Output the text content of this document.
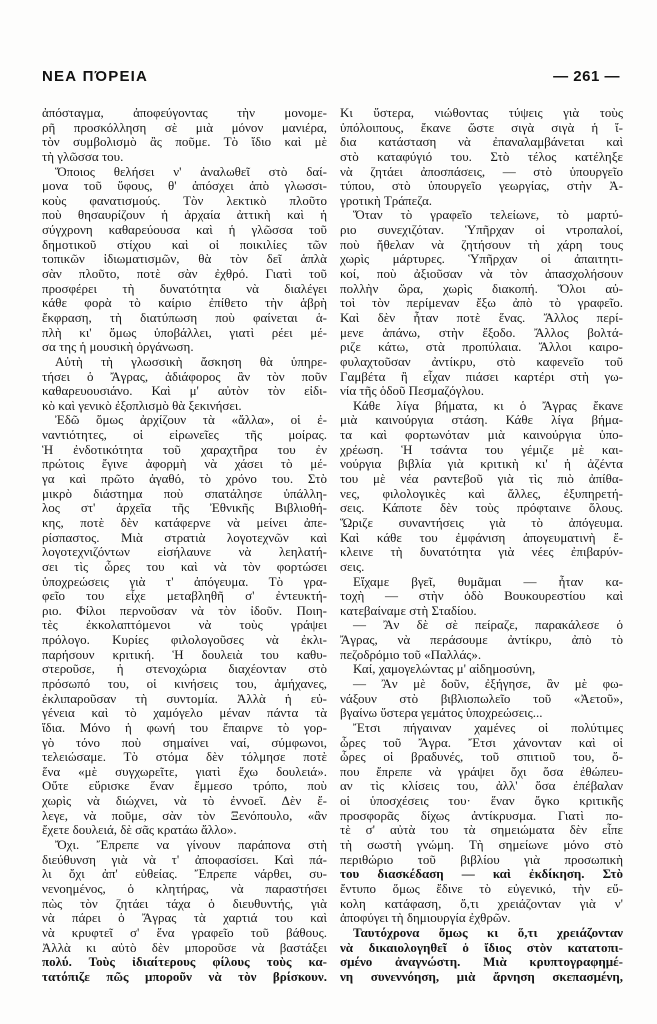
ΝΕΑ ΠΌΡΕΙΑ	— 261 —
ἀπόσταγμα, ἀποφεύγοντας τὴν μονομε-
ρῆ προσκόλληση σὲ μιὰ μόνον μανιέρα,
τὸν συμβολισμὸ ἂς ποῦμε. Τὸ ἴδιο καὶ μὲ
τὴ γλῶσσα του.
Ὅποιος θελήσει ν' ἀναλωθεῖ στὸ δαί-
μονα τοῦ ὕφους, θ' ἀπόσχει ἀπὸ γλωσσι-
κοὺς φανατισμούς. Τὸν λεκτικὸ πλοῦτο
ποὺ θησαυρίζουν ἡ ἀρχαία ἀττικὴ καὶ ἡ
σύγχρονη καθαρεύουσα καὶ ἡ γλῶσσα τοῦ
δημοτικοῦ στίχου καὶ οἱ ποικιλίες τῶν
τοπικῶν ἰδιωματισμῶν, θὰ τὸν δεῖ ἁπλὰ
σὰν πλοῦτο, ποτὲ σὰν ἐχθρό. Γιατὶ τοῦ
προσφέρει τὴ δυνατότητα νὰ διαλέγει
κάθε φορὰ τὸ καίριο ἐπίθετο τὴν ἁβρὴ
ἔκφραση, τὴ διατύπωση ποὺ φαίνεται ἁ-
πλὴ κι' ὅμως ὑποβάλλει, γιατὶ ρέει μέ-
σα της ἡ μουσικὴ ὀργάνωση.
Αὐτὴ τὴ γλωσσικὴ ἄσκηση θὰ ὑπηρε-
τήσει ὁ Ἄγρας, ἀδιάφορος ἂν τὸν ποῦν
καθαρευουσιάνο. Καὶ μ' αὐτὸν τὸν εἰδι-
κὸ καὶ γενικὸ ἐξοπλισμὸ θὰ ξεκινήσει.
Ἐδῶ ὅμως ἀρχίζουν τὰ «ἄλλα», οἱ ἐ-
ναντιότητες, οἱ εἰρωνεῖες τῆς μοίρας.
Ἡ ἐνδοτικότητα τοῦ χαραχτῆρα του ἐν
πρώτοις ἔγινε ἀφορμὴ νὰ χάσει τὸ μέ-
γα καὶ πρῶτο ἀγαθό, τὸ χρόνο του. Στὸ
μικρὸ διάστημα ποὺ σπατάλησε ὑπάλλη-
λος στ' ἀρχεῖα τῆς Ἐθνικῆς Βιβλιοθή-
κης, ποτὲ δὲν κατάφερνε νὰ μείνει ἀπε-
ρίσπαστος. Μιὰ στρατιὰ λογοτεχνῶν καὶ
λογοτεχνιζόντων εἰσήλαυνε νὰ λεηλατή-
σει τὶς ὧρες του καὶ νὰ τὸν φορτώσει
ὑποχρεώσεις γιὰ τ' ἀπόγευμα. Τὸ γρα-
φεῖο του εἶχε μεταβληθῆ σ' ἐντευκτή-
ριο. Φίλοι περνοῦσαν νὰ τὸν ἰδοῦν. Ποιη-
τὲς ἐκκολαπτόμενοι νὰ τοὺς γράψει
πρόλογο. Κυρίες φιλολογοῦσες νὰ ἐκλι-
παρήσουν κριτική. Ἡ δουλειὰ του καθυ-
στεροῦσε, ἡ στενοχώρια διαχέονταν στὸ
πρόσωπό του, οἱ κινήσεις του, ἀμήχανες,
ἐκλιπαροῦσαν τὴ συντομία. Ἀλλὰ ἡ εὐ-
γένεια καὶ τὸ χαμόγελο μέναν πάντα τὰ
ἴδια. Μόνο ἡ φωνή του ἔπαιρνε τὸ γορ-
γὸ τόνο ποὺ σημαίνει ναί, σύμφωνοι,
τελειώσαμε. Τὸ στόμα δὲν τόλμησε ποτὲ
ἕνα «μὲ συγχωρεῖτε, γιατὶ ἔχω δουλειά».
Οὔτε εὕρισκε ἕναν ἔμμεσο τρόπο, ποὺ
χωρὶς νὰ διώχνει, νὰ τὸ ἐννοεῖ. Δὲν ἔ-
λεγε, νὰ ποῦμε, σὰν τὸν Ξενόπουλο, «ἂν
ἔχετε δουλειά, δὲ σᾶς κρατάω ἄλλο».
Ὄχι. Ἔπρεπε να γίνουν παράπονα στὴ
διεύθυνση γιὰ νὰ τ' ἀποφασίσει. Καὶ πά-
λι ὄχι ἀπ' εὐθείας. Ἔπρεπε νάρθει, συ-
νενοημένος, ὁ κλητήρας, νὰ παραστήσει
πὼς τὸν ζητάει τάχα ὁ διευθυντής, γιὰ
νὰ πάρει ὁ Ἄγρας τὰ χαρτιά του καὶ
νὰ κρυφτεῖ σ' ἕνα γραφεῖο τοῦ βάθους.
Ἀλλὰ κι αὐτὸ δὲν μποροῦσε νὰ βαστάξει
πολύ. Τοὺς ἰδιαίτερους φίλους τοὺς κα-
τατόπιζε πῶς μποροῦν νὰ τὸν βρίσκουν.
Κι ὕστερα, νιώθοντας τύψεις γιὰ τοὺς
ὑπόλοιπους, ἔκανε ὥστε σιγὰ σιγὰ ἡ ἴ-
δια κατάσταση νὰ ἐπαναλαμβάνεται καὶ
στὸ καταφύγιό του. Στὸ τέλος κατέληξε
νὰ ζητάει ἀποσπάσεις, — στὸ ὑπουργεῖο
τύπου, στὸ ὑπουργεῖο γεωργίας, στὴν Ἀ-
γροτικὴ Τράπεζα.
Ὅταν τὸ γραφεῖο τελείωνε, τὸ μαρτύ-
ριο συνεχιζόταν. Ὑπῆρχαν οἱ ντροπαλοί,
ποὺ ἤθελαν νὰ ζητήσουν τὴ χάρη τους
χωρὶς μάρτυρες. Ὑπῆρχαν οἱ ἀπαιτητι-
κοί, ποὺ ἀξιοῦσαν νὰ τὸν ἀπασχολήσουν
πολλὴν ὥρα, χωρὶς διακοπή. Ὅλοι αὐ-
τοὶ τὸν περίμεναν ἔξω ἀπὸ τὸ γραφεῖο.
Καὶ δὲν ἦταν ποτὲ ἕνας. Ἄλλος περί-
μενε ἀπάνω, στὴν ἔξοδο. Ἄλλος βολτά-
ριζε κάτω, στὰ προπύλαια. Ἄλλοι καιρο-
φυλαχτοῦσαν ἀντίκρυ, στὸ καφενεῖο τοῦ
Γαμβέτα ἢ εἶχαν πιάσει καρτέρι στὴ γω-
νία τῆς ὁδοῦ Πεσμαζόγλου.
Κάθε λίγα βήματα, κι ὁ Ἄγρας ἔκανε
μιὰ καινούργια στάση. Κάθε λίγα βήμα-
τα καὶ φορτωνόταν μιὰ καινούργια ὑπο-
χρέωση. Ἡ τσάντα του γέμιζε μὲ και-
νούργια βιβλία γιὰ κριτικὴ κι' ἡ ἀζέντα
του μὲ νέα ραντεβοῦ γιὰ τὶς πιὸ ἀπίθα-
νες, φιλολογικὲς καὶ ἄλλες, ἐξυπηρετή-
σεις. Κάποτε δὲν τοὺς πρόφταινε ὅλους.
Ὥριζε συναντήσεις γιὰ τὸ ἀπόγευμα.
Καὶ κάθε του ἐμφάνιση ἀπογευματινὴ ἔ-
κλεινε τὴ δυνατότητα γιὰ νέες ἐπιβαρύν-
σεις.
Εἴχαμε βγεῖ, θυμᾶμαι — ἦταν κα-
τοχὴ — στὴν ὁδὸ Βουκουρεστίου καὶ
κατεβαίναμε στὴ Σταδίου.
— Ἂν δὲ σὲ πείραζε, παρακάλεσε ὁ
Ἄγρας, νὰ περάσουμε ἀντίκρυ, ἀπὸ τὸ
πεζοδρόμιο τοῦ «Παλλάς».
Καί, χαμογελώντας μ' αἰδημοσύνη,
— Ἂν μὲ δοῦν, ἐξήγησε, ἂν μὲ φω-
νάξουν στὸ βιβλιοπωλεῖο τοῦ «Ἀετοῦ»,
βγαίνω ὕστερα γεμάτος ὑποχρεώσεις...
Ἔτσι πήγαιναν χαμένες οἱ πολύτιμες
ὧρες τοῦ Ἄγρα. Ἔτσι χάνονταν καὶ οἱ
ὧρες οἱ βραδυνές, τοῦ σπιτιοῦ του, ὅ-
που ἔπρεπε νὰ γράψει ὄχι ὅσα ἐθώπευ-
αν τὶς κλίσεις του, ἀλλ' ὅσα ἐπέβαλαν
οἱ ὑποσχέσεις του· ἕναν ὄγκο κριτικῆς
προσφορᾶς δίχως ἀντίκρυσμα. Γιατὶ πο-
τὲ σ' αὐτὰ του τὰ σημειώματα δὲν εἶπε
τὴ σωστὴ γνώμη. Τὴ σημείωνε μόνο στὸ
περιθώριο τοῦ βιβλίου γιὰ προσωπικὴ
του διασκέδαση — καὶ ἐκδίκηση. Στὸ
ἔντυπο ὅμως ἔδινε τὸ εὐγενικό, τὴν εὔ-
κολη κατάφαση, ὅ,τι χρειάζονταν γιὰ ν'
ἀποφύγει τὴ δημιουργία ἐχθρῶν.
Ταυτόχρονα ὅμως κι ὅ,τι χρειάζονταν
νὰ δικαιολογηθεῖ ὁ ἴδιος στὸν κατατοπι-
σμένο ἀναγνώστη. Μιὰ κρυπτογραφημέ-
νη συνεννόηση, μιὰ ἄρνηση σκεπασμένη,
